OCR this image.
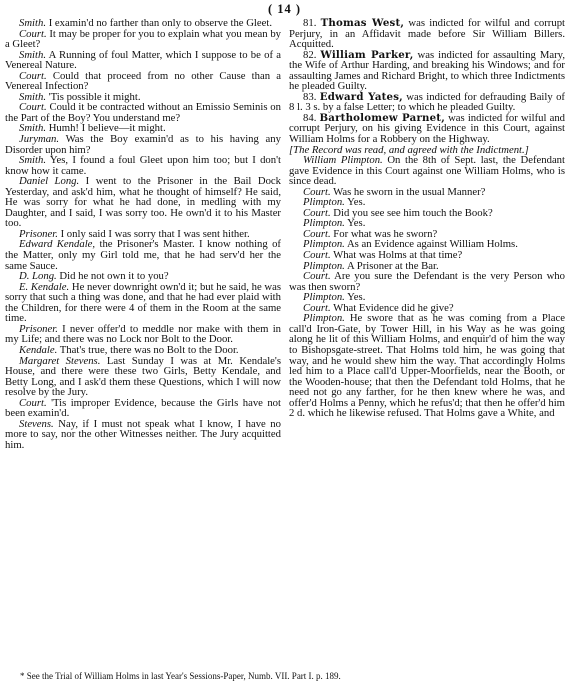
( 14 )

Smith. I examin'd no farther than only to observe the Gleet.

Court. It may be proper for you to explain what you mean by a Gleet?

Smith. A Running of foul Matter, which I suppose to be of a Venereal Nature.

Court. Could that proceed from no other Cause than a Venereal Infection?

Smith. 'Tis possible it might.

Court. Could it be contracted without an Emissio Seminis on the Part of the Boy? You understand me?

Smith. Humh! I believe—it might.

Juryman. Was the Boy examin'd as to his having any Disorder upon him?

Smith. Yes, I found a foul Gleet upon him too; but I don't know how it came.

Daniel Long. I went to the Prisoner in the Bail Dock Yesterday, and ask'd him, what he thought of himself? He said, He was sorry for what he had done, in medling with my Daughter, and I said, I was sorry too. He own'd it to his Master too.

Prisoner. I only said I was sorry that I was sent hither.

Edward Kendale, the Prisoner's Master. I know nothing of the Matter, only my Girl told me, that he had serv'd her the same Sauce.

D. Long. Did he not own it to you?

E. Kendale. He never downright own'd it; but he said, he was sorry that such a thing was done, and that he had ever plaid with the Children, for there were 4 of them in the Room at the same time.

Prisoner. I never offer'd to meddle nor make with them in my Life; and there was no Lock nor Bolt to the Door.

Kendale. That's true, there was no Bolt to the Door.

Margaret Stevens. Last Sunday I was at Mr. Kendale's House, and there were these two Girls, Betty Kendale, and Betty Long, and I ask'd them these Questions, which I will now resolve by the Jury.

Court. 'Tis improper Evidence, because the Girls have not been examin'd.

Stevens. Nay, if I must not speak what I know, I have no more to say, nor the other Witnesses neither. The Jury acquitted him.

81. Thomas West, was indicted for wilful and corrupt Perjury, in an Affidavit made before Sir William Billers. Acquitted.

82. William Parker, was indicted for assaulting Mary, the Wife of Arthur Harding, and breaking his Windows; and for assaulting James and Richard Bright, to which three Indictments he pleaded Guilty.

83. Edward Yates, was indicted for defrauding Baily of 8 l. 3 s. by a false Letter; to which he pleaded Guilty.

84. Bartholomew Parnet, was indicted for wilful and corrupt Perjury, on his giving Evidence in this Court, against William Holms for a Robbery on the Highway.

[The Record was read, and agreed with the Indictment.]

William Plimpton. On the 8th of Sept. last, the Defendant gave Evidence in this Court against one William Holms, who is since dead.

Court. Was he sworn in the usual Manner?

Plimpton. Yes.

Court. Did you see see him touch the Book?

Plimpton. Yes.

Court. For what was he sworn?

Plimpton. As an Evidence against William Holms.

Court. What was Holms at that time?

Plimpton. A Prisoner at the Bar.

Court. Are you sure the Defendant is the very Person who was then sworn?

Plimpton. Yes.

Court. What Evidence did he give?

Plimpton. He swore that as he was coming from a Place call'd Iron-Gate, by Tower Hill, in his Way as he was going along he lit of this William Holms, and enquir'd of him the way to Bishopsgate-street. That Holms told him, he was going that way, and he would shew him the way. That accordingly Holms led him to a Place call'd Upper-Moorfields, near the Booth, or the Wooden-house; that then the Defendant told Holms, that he need not go any farther, for he then knew where he was, and offer'd Holms a Penny, which he refus'd; that then he offer'd him 2 d. which he likewise refused. That Holms gave a White, and

* See the Trial of William Holms in last Year's Sessions-Paper, Numb. VII. Part I. p. 189.
